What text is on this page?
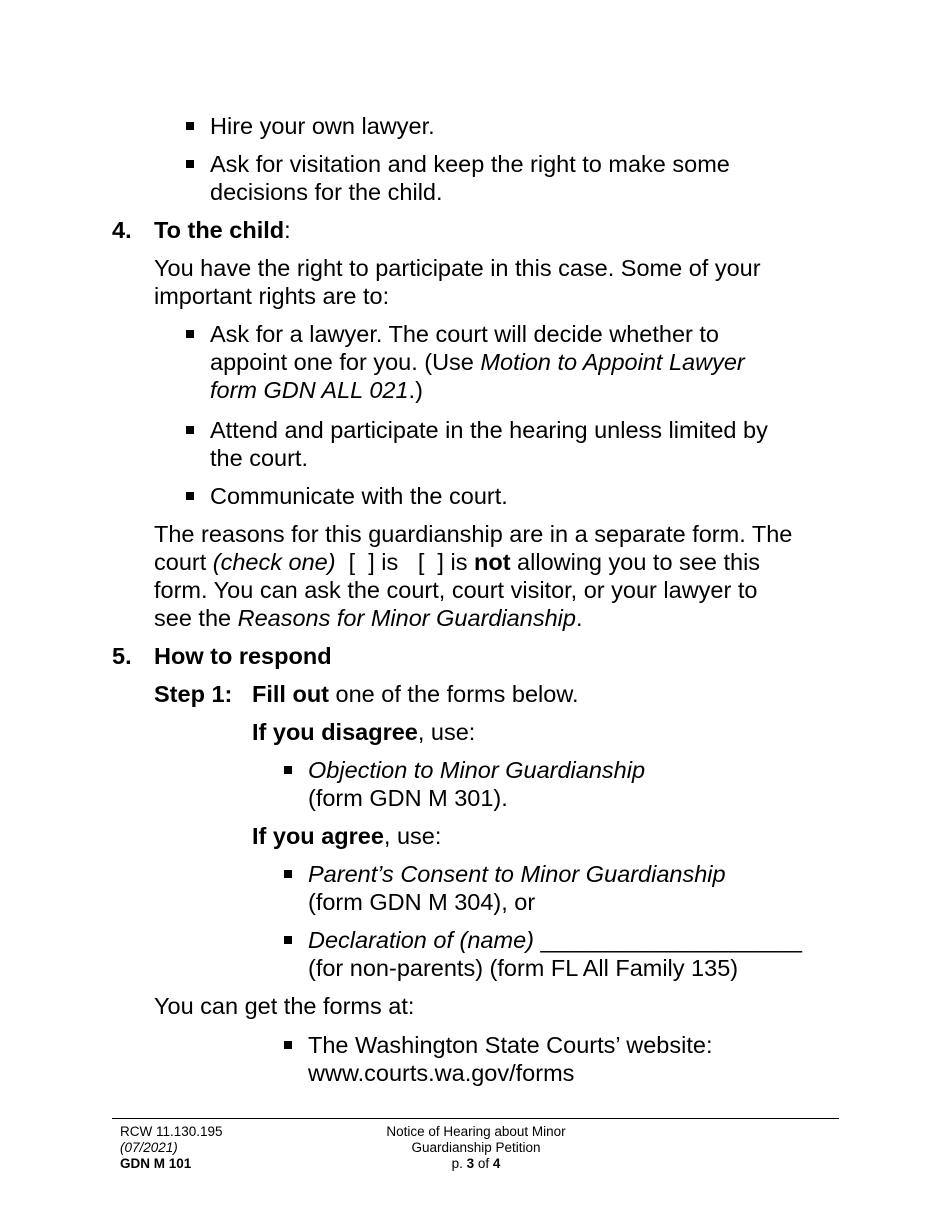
Hire your own lawyer.
Ask for visitation and keep the right to make some
decisions for the child.
4. To the child:
You have the right to participate in this case. Some of your
important rights are to:
Ask for a lawyer. The court will decide whether to
appoint one for you. (Use Motion to Appoint Lawyer
form GDN ALL 021.)
Attend and participate in the hearing unless limited by
the court.
Communicate with the court.
The reasons for this guardianship are in a separate form. The
court (check one)  [  ] is   [  ] is not allowing you to see this
form. You can ask the court, court visitor, or your lawyer to
see the Reasons for Minor Guardianship.
5. How to respond
Step 1: Fill out one of the forms below.
If you disagree, use:
Objection to Minor Guardianship
(form GDN M 301).
If you agree, use:
Parent’s Consent to Minor Guardianship
(form GDN M 304), or
Declaration of (name) ____________________
(for non-parents) (form FL All Family 135)
You can get the forms at:
The Washington State Courts’ website:
www.courts.wa.gov/forms
RCW 11.130.195
(07/2021)
GDN M 101
Notice of Hearing about Minor
Guardianship Petition
p. 3 of 4
